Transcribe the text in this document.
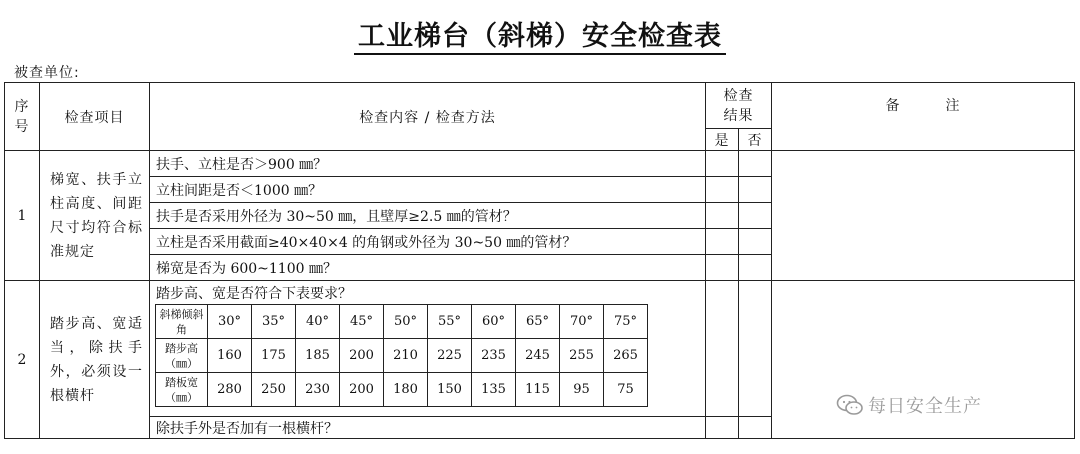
工业梯台（斜梯）安全检查表
被查单位:
序号	检查项目	检查内容 / 检查方法	检查结果	备　　　注
是	否
1	梯宽、扶手立柱高度、间距尺寸均符合标准规定	扶手、立柱是否＞900 ㎜？			
立柱间距是否＜1000 ㎜？		
扶手是否采用外径为 30~50 ㎜，且壁厚≥2.5 ㎜的管材？		
立柱是否采用截面≥40×40×4 的角钢或外径为 30~50 ㎜的管材？		
梯宽是否为 600~1100 ㎜？		
2	踏步高、宽适当，除扶手外，必须设一根横杆	
踏步高、宽是否符合下表要求？
斜梯倾斜角	30°	35°	40°	45°	50°	55°	60°	65°	70°	75°
踏步高（㎜）	160	175	185	200	210	225	235	245	255	265
踏板宽（㎜）	280	250	230	200	180	150	135	115	95	75

除扶手外是否加有一根横杆？		
每日安全生产
